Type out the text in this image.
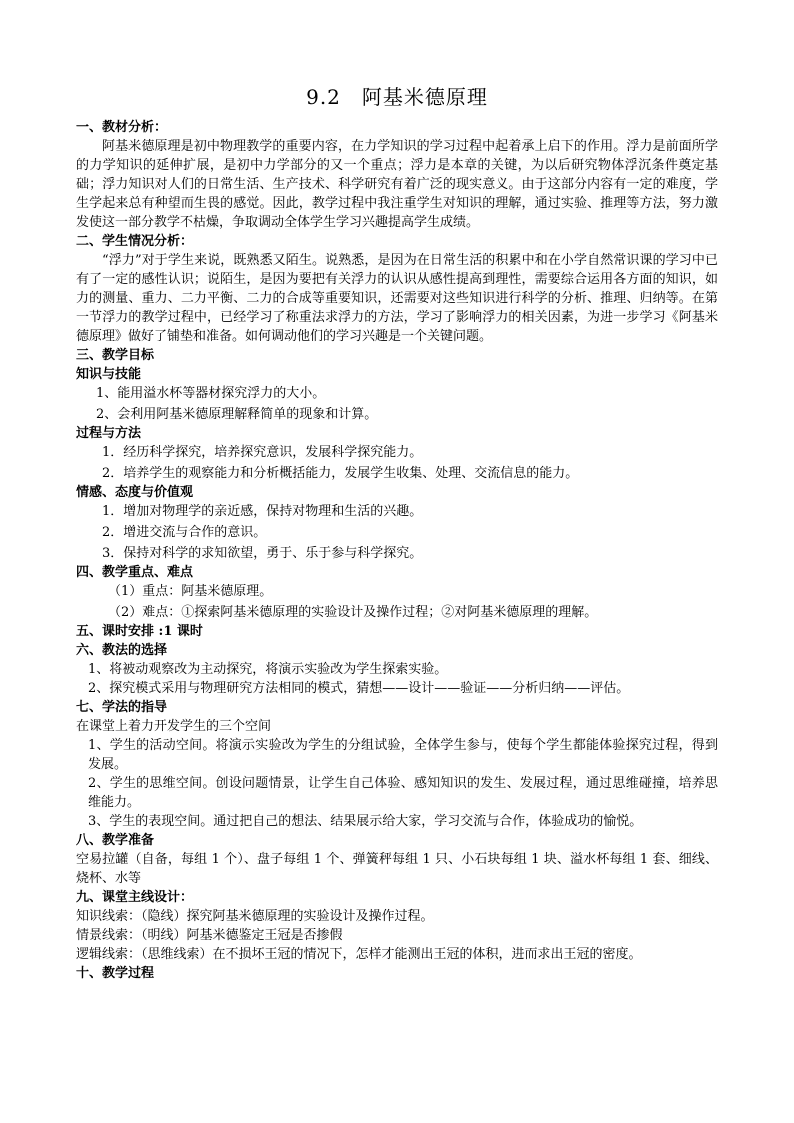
9.2　阿基米德原理
一、教材分析：
阿基米德原理是初中物理教学的重要内容，在力学知识的学习过程中起着承上启下的作用。浮力是前面所学的力学知识的延伸扩展，是初中力学部分的又一个重点；浮力是本章的关键，为以后研究物体浮沉条件奠定基础；浮力知识对人们的日常生活、生产技术、科学研究有着广泛的现实意义。由于这部分内容有一定的难度，学生学起来总有种望而生畏的感觉。因此，教学过程中我注重学生对知识的理解，通过实验、推理等方法，努力激发使这一部分教学不枯燥，争取调动全体学生学习兴趣提高学生成绩。
二、学生情况分析：
“浮力”对于学生来说，既熟悉又陌生。说熟悉，是因为在日常生活的积累中和在小学自然常识课的学习中已有了一定的感性认识；说陌生，是因为要把有关浮力的认识从感性提高到理性，需要综合运用各方面的知识，如力的测量、重力、二力平衡、二力的合成等重要知识，还需要对这些知识进行科学的分析、推理、归纳等。在第一节浮力的教学过程中，已经学习了称重法求浮力的方法，学习了影响浮力的相关因素，为进一步学习《阿基米德原理》做好了铺垫和准备。如何调动他们的学习兴趣是一个关键问题。
三、教学目标
知识与技能
1、能用溢水杯等器材探究浮力的大小。
2、会利用阿基米德原理解释简单的现象和计算。
过程与方法
1．经历科学探究，培养探究意识，发展科学探究能力。
2．培养学生的观察能力和分析概括能力，发展学生收集、处理、交流信息的能力。
情感、态度与价值观
1．增加对物理学的亲近感，保持对物理和生活的兴趣。
2．增进交流与合作的意识。
3．保持对科学的求知欲望，勇于、乐于参与科学探究。
四、教学重点、难点
（1）重点：阿基米德原理。
（2）难点：①探索阿基米德原理的实验设计及操作过程；②对阿基米德原理的理解。
五、课时安排 :1 课时
六、教法的选择
1、将被动观察改为主动探究，将演示实验改为学生探索实验。
2、探究模式采用与物理研究方法相同的模式，猜想——设计——验证——分析归纳——评估。
七、学法的指导
在课堂上着力开发学生的三个空间
1、学生的活动空间。将演示实验改为学生的分组试验，全体学生参与，使每个学生都能体验探究过程，得到发展。
2、学生的思维空间。创设问题情景，让学生自己体验、感知知识的发生、发展过程，通过思维碰撞，培养思维能力。
3、学生的表现空间。通过把自己的想法、结果展示给大家，学习交流与合作，体验成功的愉悦。
八、教学准备
空易拉罐（自备，每组 1 个）、盘子每组 1 个、弹簧秤每组 1 只、小石块每组 1 块、溢水杯每组 1 套、细线、烧杯、水等
九、课堂主线设计：
知识线索：（隐线）探究阿基米德原理的实验设计及操作过程。
情景线索：（明线）阿基米德鉴定王冠是否掺假
逻辑线索：（思维线索）在不损坏王冠的情况下，怎样才能测出王冠的体积，进而求出王冠的密度。
十、教学过程
